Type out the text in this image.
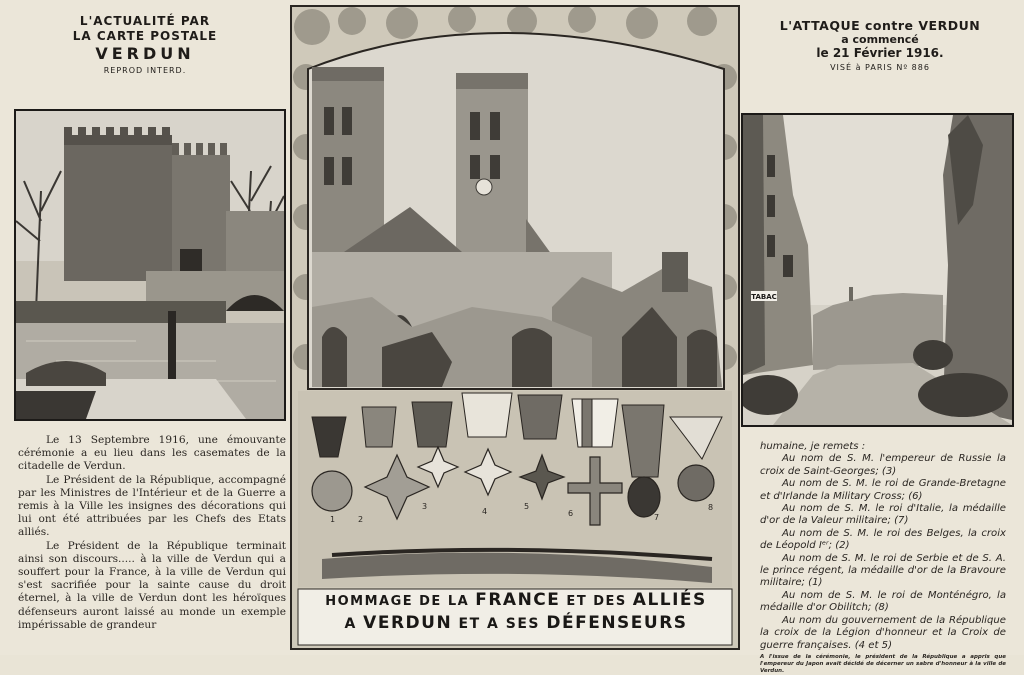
L'ACTUALITÉ PAR
LA CARTE POSTALE
VERDUN
REPROD INTERD.
L'ATTAQUE contre VERDUN
a commencé
le 21 Février 1916.
VISÉ à PARIS Nº 886
TABAC
1	2
3
4
5
6	7
8
HOMMAGE DE LA FRANCE ET DES ALLIÉS
A VERDUN ET A SES DÉFENSEURS

Le 13 Septembre 1916, une émouvante cérémonie a eu lieu dans les casemates de la citadelle de Verdun.

Le Président de la République, accompagné par les Ministres de l'Intérieur et de la Guerre a remis à la Ville les insignes des décorations qui lui ont été attribuées par les Chefs des Etats alliés.

Le Président de la République terminait ainsi son discours..... à la ville de Verdun qui a souffert pour la France, à la ville de Verdun qui s'est sacrifiée pour la sainte cause du droit éternel, à la ville de Verdun dont les héroïques défenseurs auront laissé au monde un exemple impérissable de grandeur

humaine, je remets :

Au nom de S. M. l'empereur de Russie la croix de Saint-Georges; (3)

Au nom de S. M. le roi de Grande-Bretagne et d'Irlande la Military Cross; (6)

Au nom de S. M. le roi d'Italie, la médaille d'or de la Valeur militaire; (7)

Au nom de S. M. le roi des Belges, la croix de Léopold Iᵉʳ; (2)

Au nom de S. M. le roi de Serbie et de S. A. le prince régent, la médaille d'or de la Bravoure militaire; (1)

Au nom de S. M. le roi de Monténégro, la médaille d'or Obilitch; (8)

Au nom du gouvernement de la République la croix de la Légion d'honneur et la Croix de guerre françaises. (4 et 5)

A l'issue de la cérémonie, le président de la République a appris que l'empereur du Japon avait décidé de décerner un sabre d'honneur à la ville de Verdun.
